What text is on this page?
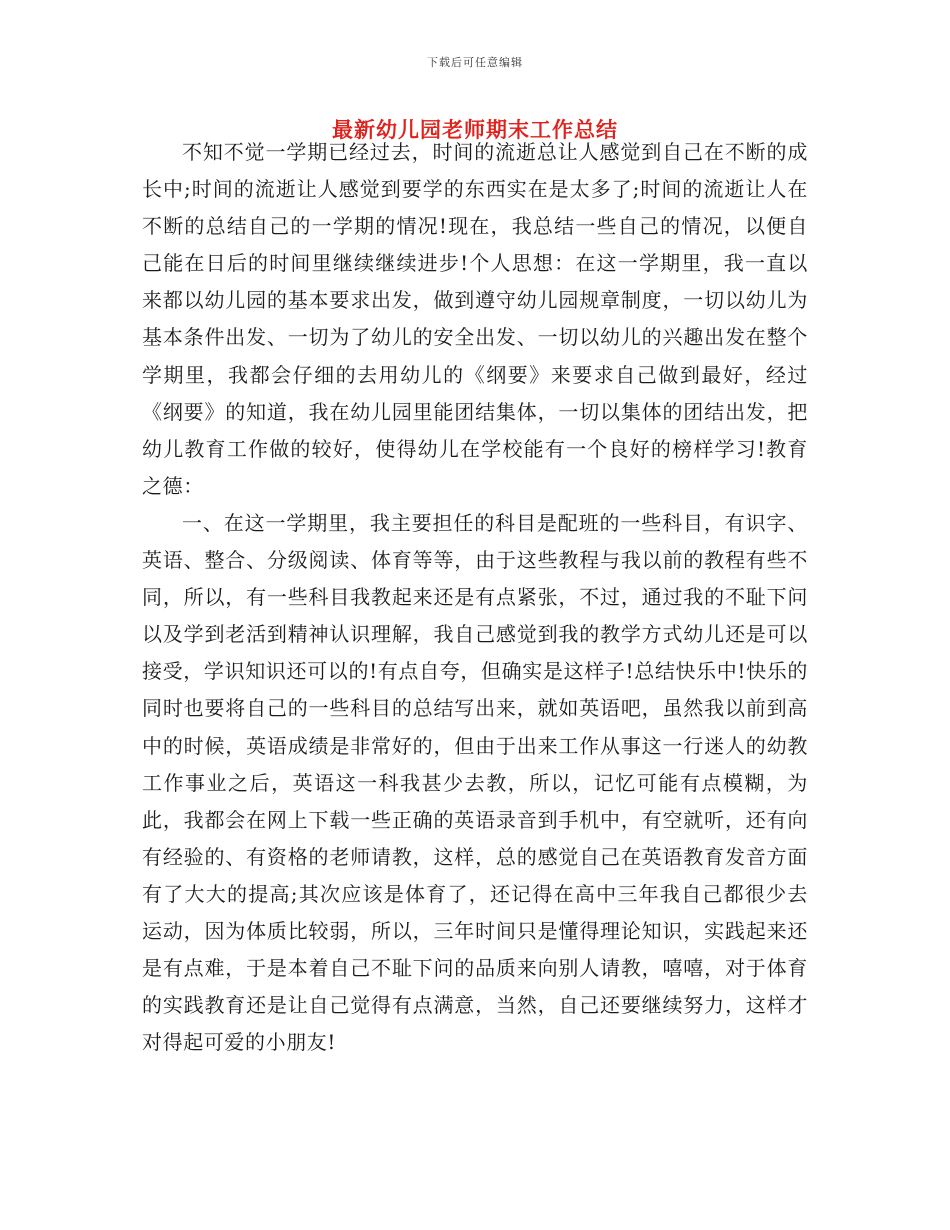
下载后可任意编辑
最新幼儿园老师期末工作总结

不知不觉一学期已经过去，时间的流逝总让人感觉到自己在不断的成长中;时间的流逝让人感觉到要学的东西实在是太多了;时间的流逝让人在不断的总结自己的一学期的情况!现在，我总结一些自己的情况，以便自己能在日后的时间里继续继续进步!个人思想：在这一学期里，我一直以来都以幼儿园的基本要求出发，做到遵守幼儿园规章制度，一切以幼儿为基本条件出发、一切为了幼儿的安全出发、一切以幼儿的兴趣出发在整个学期里，我都会仔细的去用幼儿的《纲要》来要求自己做到最好，经过《纲要》的知道，我在幼儿园里能团结集体，一切以集体的团结出发，把幼儿教育工作做的较好，使得幼儿在学校能有一个良好的榜样学习!教育之德：

一、在这一学期里，我主要担任的科目是配班的一些科目，有识字、英语、整合、分级阅读、体育等等，由于这些教程与我以前的教程有些不同，所以，有一些科目我教起来还是有点紧张，不过，通过我的不耻下问以及学到老活到精神认识理解，我自己感觉到我的教学方式幼儿还是可以接受，学识知识还可以的!有点自夸，但确实是这样子!总结快乐中!快乐的同时也要将自己的一些科目的总结写出来，就如英语吧，虽然我以前到高中的时候，英语成绩是非常好的，但由于出来工作从事这一行迷人的幼教工作事业之后，英语这一科我甚少去教，所以，记忆可能有点模糊，为此，我都会在网上下载一些正确的英语录音到手机中，有空就听，还有向有经验的、有资格的老师请教，这样，总的感觉自己在英语教育发音方面有了大大的提高;其次应该是体育了，还记得在高中三年我自己都很少去运动，因为体质比较弱，所以，三年时间只是懂得理论知识，实践起来还是有点难，于是本着自己不耻下问的品质来向别人请教，嘻嘻，对于体育的实践教育还是让自己觉得有点满意，当然，自己还要继续努力，这样才对得起可爱的小朋友!
